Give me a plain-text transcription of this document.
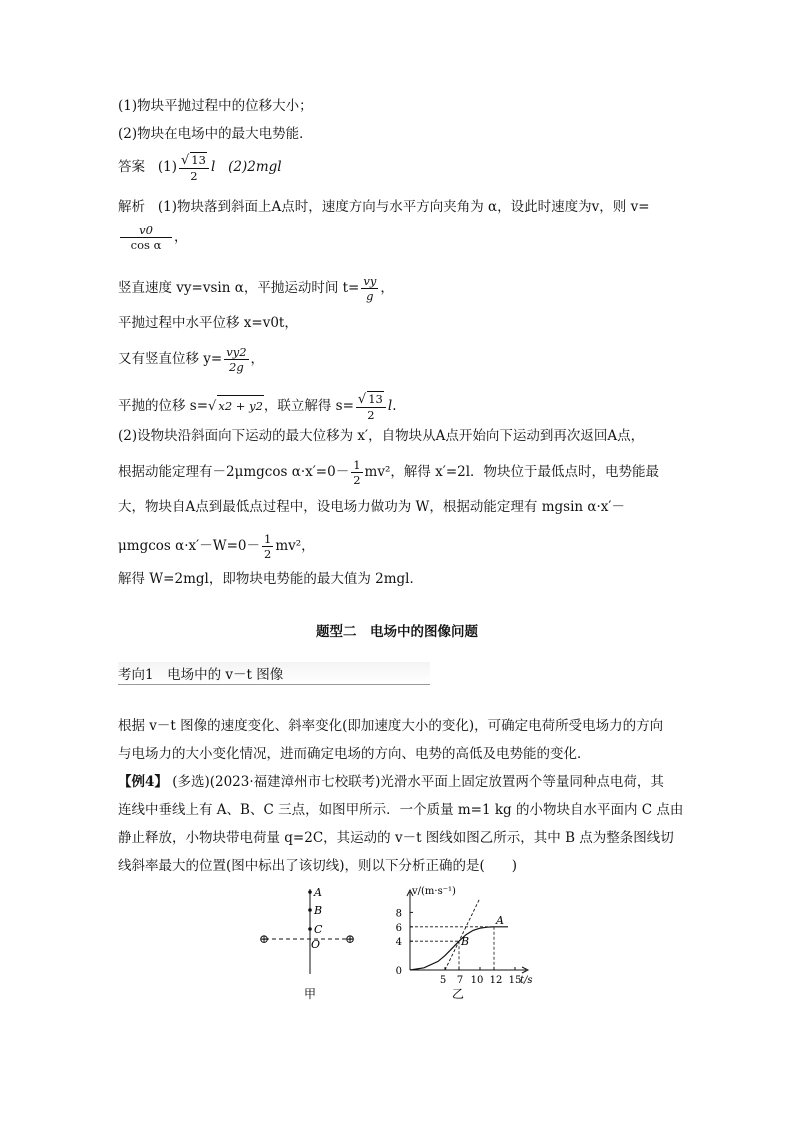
(1)物块平抛过程中的位移大小；
(2)物块在电场中的最大电势能．
答案 $(1) \frac{√ 13}{2}$ l (2)2mgl
解析 (1)物块落到斜面上A点时，速度方向与水平方向夹角为 α，设此时速度为v，则 v=
$\frac{v0}{\text{cos α}}$ ，
竖直速度 vy=vsin α，平抛运动时间 $t= \frac{vy}{g}$ ，
平抛过程中水平位移 x=v0t，
又有竖直位移 $y= \frac{vy2}{2g}$ ，
平抛的位移 s=√ x2 + y2，联立解得 $s= \frac{√ 13}{2} l$.
(2)设物块沿斜面向下运动的最大位移为 x′，自物块从A点开始向下运动到再次返回A点，
根据动能定理有－2μmgcos $\alpha\cdot x'=0- \frac{1}{2} mv^2$，解得 x′=2l．物块位于最低点时，电势能最
大，物块自A点到最低点过程中，设电场力做功为 W，根据动能定理有 mgsin α·x′－
μmgcos $\alpha\cdot x'-W=0- \frac{1}{2} mv^2$，
解得 W=2mgl，即物块电势能的最大值为 2mgl．
题型二　电场中的图像问题
考向1　电场中的 v－t 图像
根据 v－t 图像的速度变化、斜率变化(即加速度大小的变化)，可确定电荷所受电场力的方向
与电场力的大小变化情况，进而确定电场的方向、电势的高低及电势能的变化．
【例4】 (多选)(2023·福建漳州市七校联考)光滑水平面上固定放置两个等量同种点电荷，其
连线中垂线上有 A、B、C 三点，如图甲所示．一个质量 m=1 kg 的小物块自水平面内 C 点由
静止释放，小物块带电荷量 q=2C，其运动的 v－t 图线如图乙所示，其中 B 点为整条图线切
线斜率最大的位置(图中标出了该切线)，则以下分析正确的是(　　)
A
B
C
O
⊕	⊕
甲
0
4
6
8
5 7 10 12 15
v/(m·s⁻¹)
t/s
A
B
乙
